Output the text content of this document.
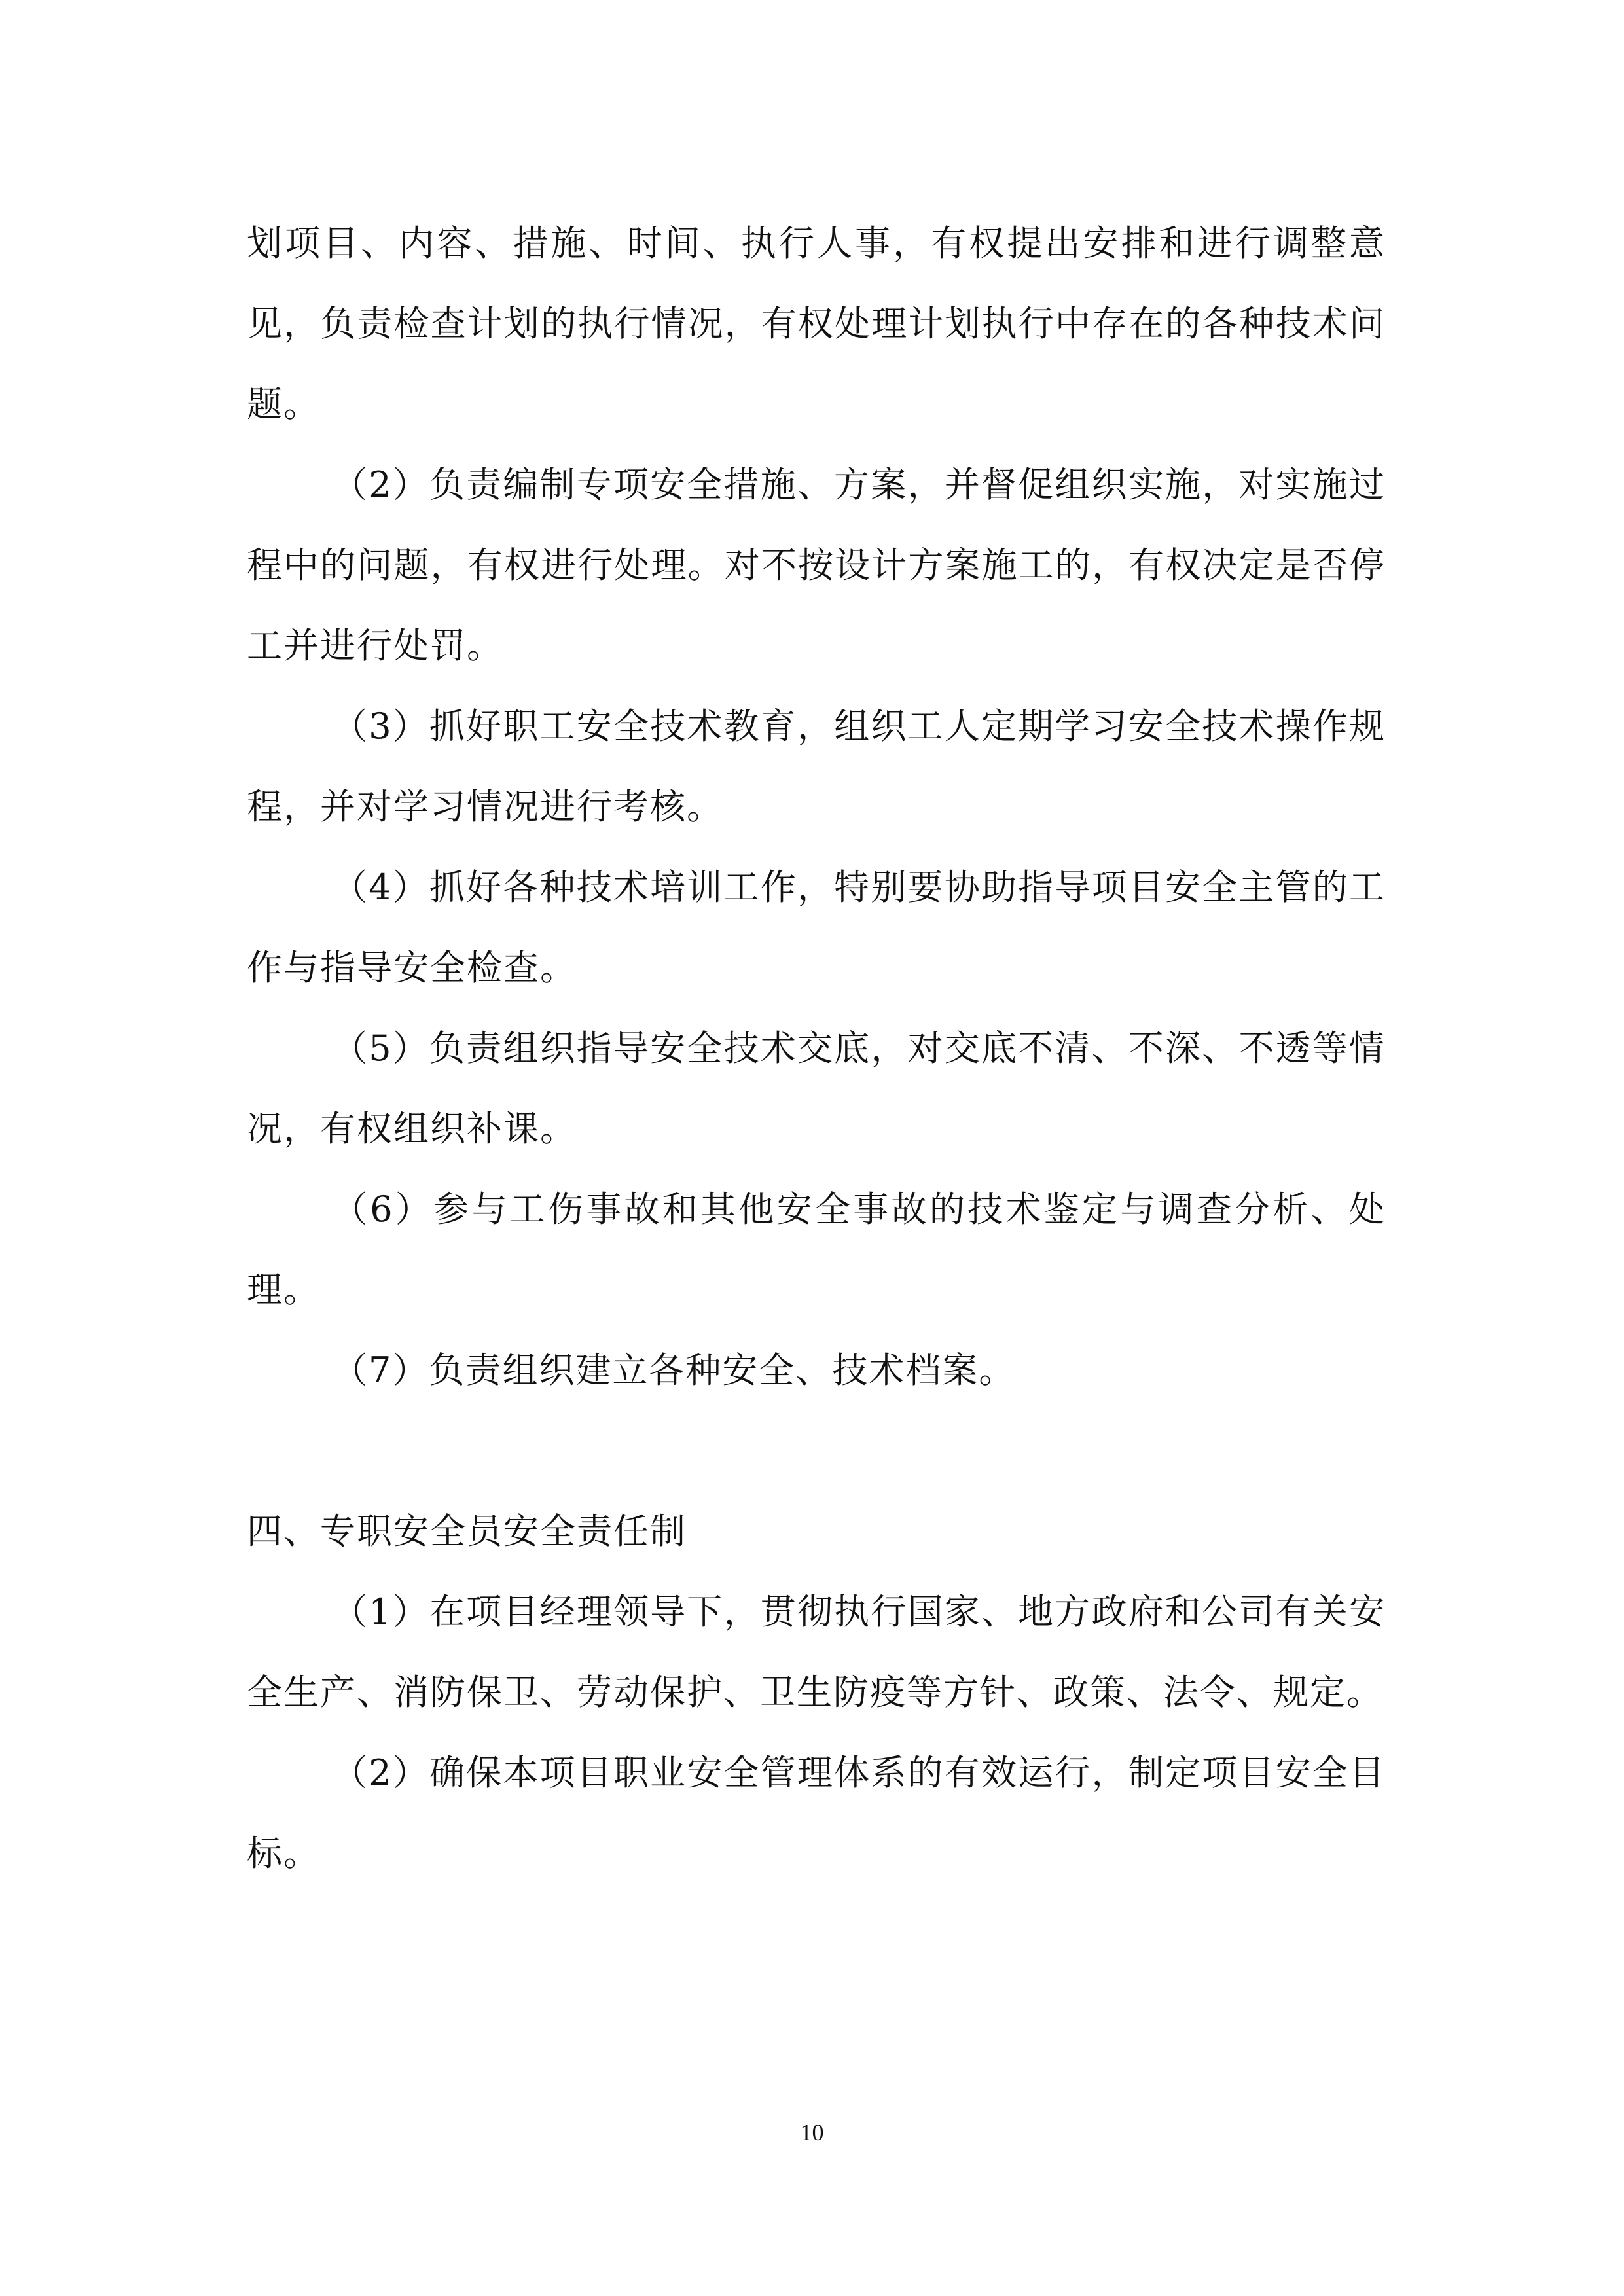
划项目、内容、措施、时间、执行人事，有权提出安排和进行调整意见，负责检查计划的执行情况，有权处理计划执行中存在的各种技术问题。

（2）负责编制专项安全措施、方案，并督促组织实施，对实施过程中的问题，有权进行处理。对不按设计方案施工的，有权决定是否停工并进行处罚。

（3）抓好职工安全技术教育，组织工人定期学习安全技术操作规程，并对学习情况进行考核。

（4）抓好各种技术培训工作，特别要协助指导项目安全主管的工作与指导安全检查。

（5）负责组织指导安全技术交底，对交底不清、不深、不透等情况，有权组织补课。

（6）参与工伤事故和其他安全事故的技术鉴定与调查分析、处理。

（7）负责组织建立各种安全、技术档案。

四、专职安全员安全责任制

（1）在项目经理领导下，贯彻执行国家、地方政府和公司有关安全生产、消防保卫、劳动保护、卫生防疫等方针、政策、法令、规定。

（2）确保本项目职业安全管理体系的有效运行，制定项目安全目标。

10
